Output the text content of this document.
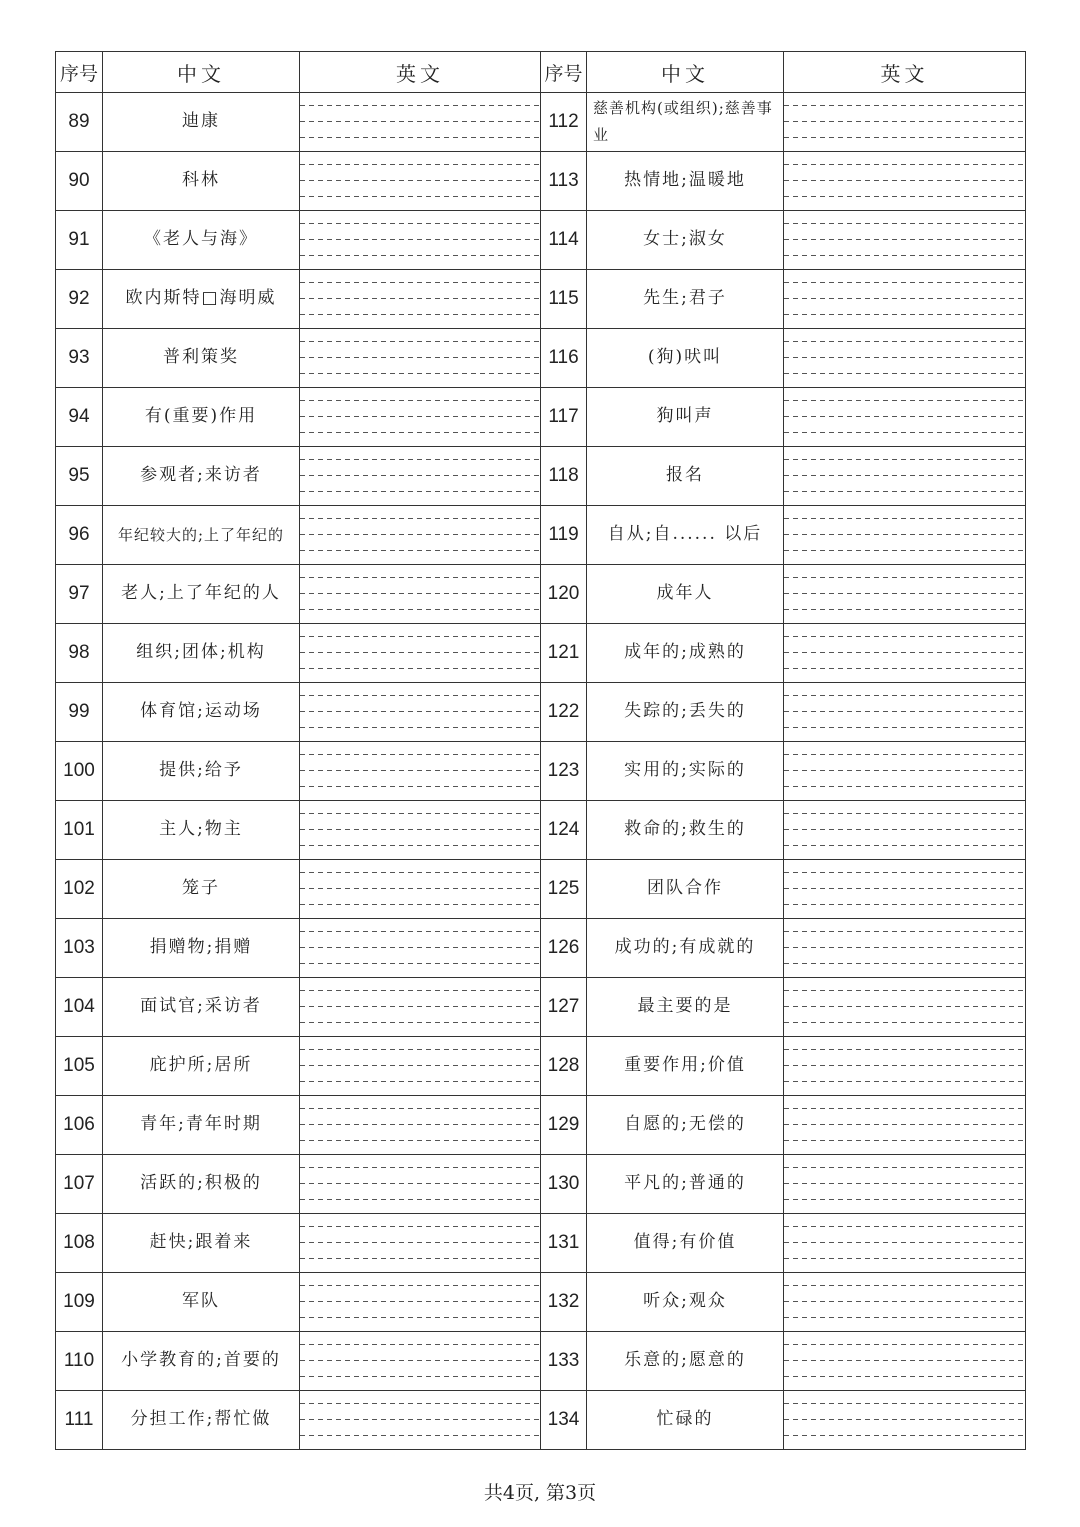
序号	中文	英文	序号	中文	英文
89	迪康		112	慈善机构(或组织);慈善事业	
90	科林		113	热情地;温暖地	
91	《老人与海》		114	女士;淑女	
92	欧内斯特□海明威		115	先生;君子	
93	普利策奖		116	(狗)吠叫	
94	有(重要)作用		117	狗叫声	
95	参观者;来访者		118	报名	
96	年纪较大的;上了年纪的		119	自从;自...... 以后	
97	老人;上了年纪的人		120	成年人	
98	组织;团体;机构		121	成年的;成熟的	
99	体育馆;运动场		122	失踪的;丢失的	
100	提供;给予		123	实用的;实际的	
101	主人;物主		124	救命的;救生的	
102	笼子		125	团队合作	
103	捐赠物;捐赠		126	成功的;有成就的	
104	面试官;采访者		127	最主要的是	
105	庇护所;居所		128	重要作用;价值	
106	青年;青年时期		129	自愿的;无偿的	
107	活跃的;积极的		130	平凡的;普通的	
108	赶快;跟着来		131	值得;有价值	
109	军队		132	听众;观众	
110	小学教育的;首要的		133	乐意的;愿意的	
111	分担工作;帮忙做		134	忙碌的	
共4页, 第3页
